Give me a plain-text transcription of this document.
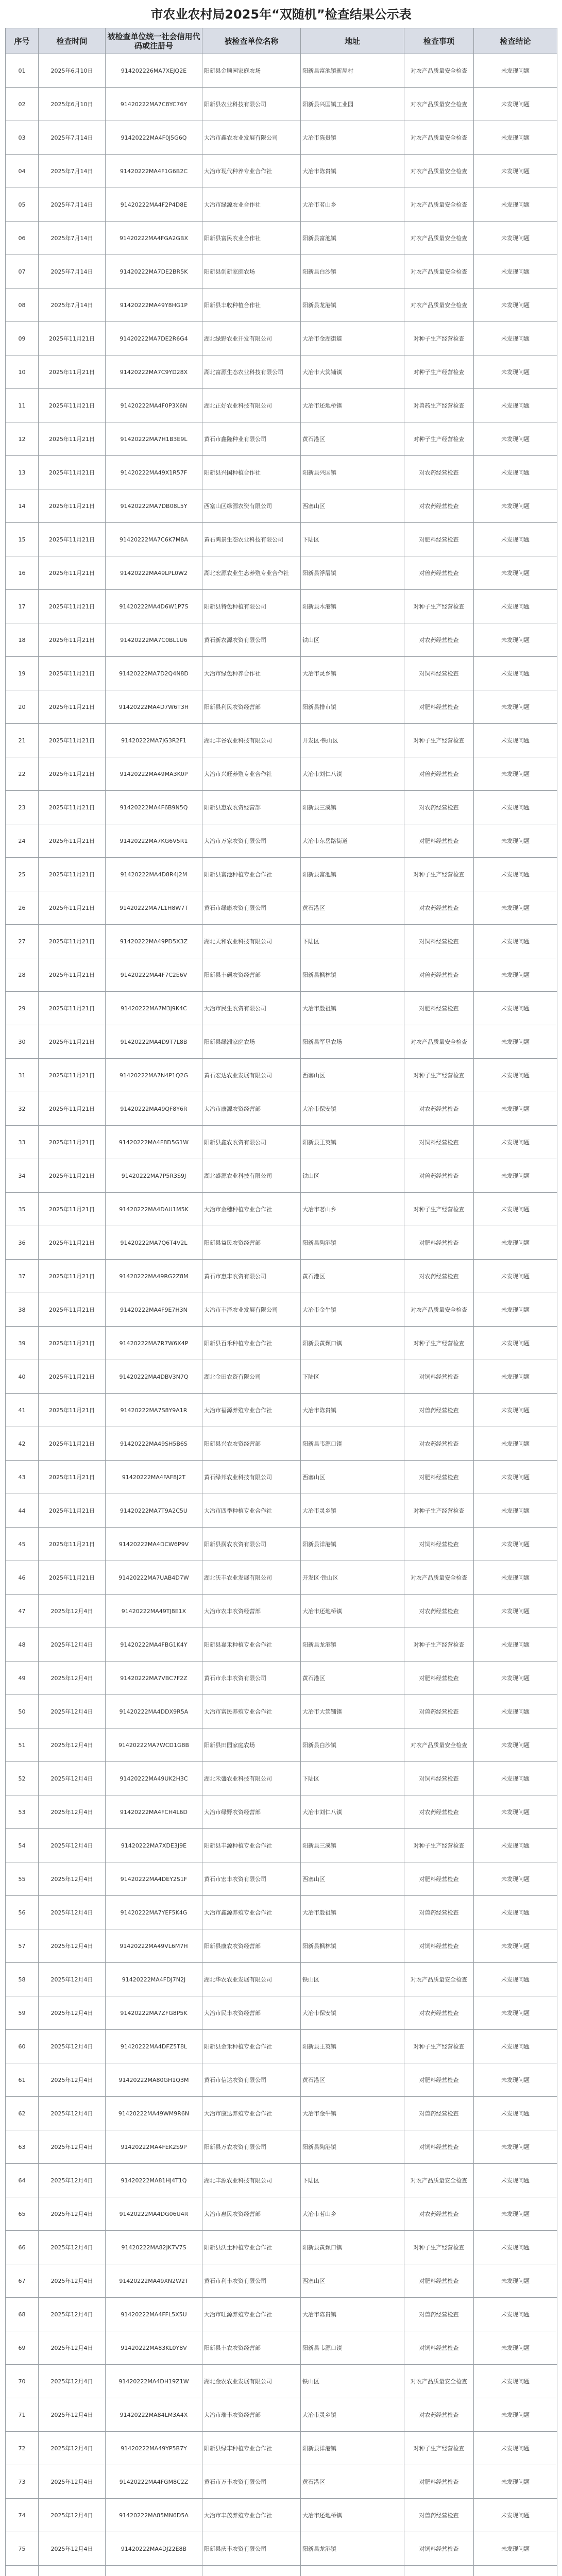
市农业农村局2025年“双随机”检查结果公示表
序号	检查时间	被检查单位统一社会信用代码或注册号	被检查单位名称	地址	检查事项	检查结论
01	2025年6月10日	914202226MA7XEJQ2E	阳新县金顺园家庭农场	阳新县富池镇新屋村	对农产品质量安全检查	未发现问题
02	2025年6月10日	91420222MA7C8YC76Y	阳新县农业科技有限公司	阳新县兴国镇工业园	对农产品质量安全检查	未发现问题
03	2025年7月14日	91420222MA4F0J5G6Q	大冶市鑫农农业发展有限公司	大冶市陈贵镇	对农产品质量安全检查	未发现问题
04	2025年7月14日	91420222MA4F1G6B2C	大冶市现代种养专业合作社	大冶市陈贵镇	对农产品质量安全检查	未发现问题
05	2025年7月14日	91420222MA4F2P4D8E	大冶市绿源农业合作社	大冶市茗山乡	对农产品质量安全检查	未发现问题
06	2025年7月14日	91420222MA4FGA2GBX	阳新县富民农业合作社	阳新县富池镇	对农产品质量安全检查	未发现问题
07	2025年7月14日	91420222MA7DE2BR5K	阳新县创新家庭农场	阳新县白沙镇	对农产品质量安全检查	未发现问题
08	2025年7月14日	91420222MA49Y8HG1P	阳新县丰收种植合作社	阳新县龙港镇	对农产品质量安全检查	未发现问题
09	2025年11月21日	91420222MA7DE2R6G4	湖北绿野农业开发有限公司	大冶市金湖街道	对种子生产经营检查	未发现问题
10	2025年11月21日	91420222MA7C9YD28X	湖北富源生态农业科技有限公司	大冶市大箕铺镇	对种子生产经营检查	未发现问题
11	2025年11月21日	91420222MA4F0P3X6N	湖北正好农业科技有限公司	大冶市还地桥镇	对兽药生产经营检查	未发现问题
12	2025年11月21日	91420222MA7H1B3E9L	黄石市鑫隆种业有限公司	黄石港区	对种子生产经营检查	未发现问题
13	2025年11月21日	91420222MA49X1R57F	阳新县兴国种植合作社	阳新县兴国镇	对农药经营检查	未发现问题
14	2025年11月21日	91420222MA7DB08L5Y	西塞山区绿源农资有限公司	西塞山区	对农药经营检查	未发现问题
15	2025年11月21日	91420222MA7C6K7M8A	黄石鸿景生态农业科技有限公司	下陆区	对肥料经营检查	未发现问题
16	2025年11月21日	91420222MA49LPL0W2	湖北宏源农业生态养殖专业合作社	阳新县浮屠镇	对兽药经营检查	未发现问题
17	2025年11月21日	91420222MA4D6W1P7S	阳新县特色种植有限公司	阳新县木港镇	对种子生产经营检查	未发现问题
18	2025年11月21日	91420222MA7C0BL1U6	黄石新农源农资有限公司	铁山区	对农药经营检查	未发现问题
19	2025年11月21日	91420222MA7D2Q4N8D	大冶市绿色种养合作社	大冶市灵乡镇	对饲料经营检查	未发现问题
20	2025年11月21日	91420222MA4D7W6T3H	阳新县利民农资经营部	阳新县排市镇	对肥料经营检查	未发现问题
21	2025年11月21日	91420222MA7JG3R2F1	湖北丰谷农业科技有限公司	开发区·铁山区	对种子生产经营检查	未发现问题
22	2025年11月21日	91420222MA49MA3K0P	大冶市兴旺养殖专业合作社	大冶市刘仁八镇	对兽药经营检查	未发现问题
23	2025年11月21日	91420222MA4F6B9N5Q	阳新县惠农农资经营部	阳新县三溪镇	对农药经营检查	未发现问题
24	2025年11月21日	91420222MA7KG6V5R1	大冶市万家农资有限公司	大冶市东岳路街道	对肥料经营检查	未发现问题
25	2025年11月21日	91420222MA4D8R4J2M	阳新县富池种植专业合作社	阳新县富池镇	对种子生产经营检查	未发现问题
26	2025年11月21日	91420222MA7L1H8W7T	黄石市绿康农资有限公司	黄石港区	对农药经营检查	未发现问题
27	2025年11月21日	91420222MA49PD5X3Z	湖北天和农业科技有限公司	下陆区	对饲料经营检查	未发现问题
28	2025年11月21日	91420222MA4F7C2E6V	阳新县丰硕农资经营部	阳新县枫林镇	对兽药经营检查	未发现问题
29	2025年11月21日	91420222MA7M3J9K4C	大冶市民生农资有限公司	大冶市殷祖镇	对肥料经营检查	未发现问题
30	2025年11月21日	91420222MA4D9T7L8B	阳新县绿洲家庭农场	阳新县军垦农场	对农产品质量安全检查	未发现问题
31	2025年11月21日	91420222MA7N4P1Q2G	黄石宏达农业发展有限公司	西塞山区	对种子生产经营检查	未发现问题
32	2025年11月21日	91420222MA49QF8Y6R	大冶市康源农资经营部	大冶市保安镇	对农药经营检查	未发现问题
33	2025年11月21日	91420222MA4F8D5G1W	阳新县鑫农农资有限公司	阳新县王英镇	对饲料经营检查	未发现问题
34	2025年11月21日	91420222MA7P5R3S9J	湖北盛源农业科技有限公司	铁山区	对兽药经营检查	未发现问题
35	2025年11月21日	91420222MA4DAU1M5K	大冶市金穗种植专业合作社	大冶市茗山乡	对种子生产经营检查	未发现问题
36	2025年11月21日	91420222MA7Q6T4V2L	阳新县益民农资经营部	阳新县陶港镇	对肥料经营检查	未发现问题
37	2025年11月21日	91420222MA49RG2Z8M	黄石市惠丰农资有限公司	黄石港区	对农药经营检查	未发现问题
38	2025年11月21日	91420222MA4F9E7H3N	大冶市丰泽农业发展有限公司	大冶市金牛镇	对农产品质量安全检查	未发现问题
39	2025年11月21日	91420222MA7R7W6X4P	阳新县百禾种植专业合作社	阳新县黄颡口镇	对种子生产经营检查	未发现问题
40	2025年11月21日	91420222MA4DBV3N7Q	湖北金田农资有限公司	下陆区	对饲料经营检查	未发现问题
41	2025年11月21日	91420222MA7S8Y9A1R	大冶市福源养殖专业合作社	大冶市陈贵镇	对兽药经营检查	未发现问题
42	2025年11月21日	91420222MA49SH5B6S	阳新县兴农农资经营部	阳新县韦源口镇	对农药经营检查	未发现问题
43	2025年11月21日	91420222MA4FAF8J2T	黄石绿邦农业科技有限公司	西塞山区	对肥料经营检查	未发现问题
44	2025年11月21日	91420222MA7T9A2C5U	大冶市四季种植专业合作社	大冶市灵乡镇	对种子生产经营检查	未发现问题
45	2025年11月21日	91420222MA4DCW6P9V	阳新县润农农资有限公司	阳新县洋港镇	对饲料经营检查	未发现问题
46	2025年11月21日	91420222MA7UAB4D7W	湖北沃丰农业发展有限公司	开发区·铁山区	对农产品质量安全检查	未发现问题
47	2025年12月4日	91420222MA49TJ8E1X	大冶市农丰农资经营部	大冶市还地桥镇	对农药经营检查	未发现问题
48	2025年12月4日	91420222MA4FBG1K4Y	阳新县嘉禾种植专业合作社	阳新县龙港镇	对种子生产经营检查	未发现问题
49	2025年12月4日	91420222MA7VBC7F2Z	黄石市永丰农资有限公司	黄石港区	对肥料经营检查	未发现问题
50	2025年12月4日	91420222MA4DDX9R5A	大冶市富民养殖专业合作社	大冶市大箕铺镇	对兽药经营检查	未发现问题
51	2025年12月4日	91420222MA7WCD1G8B	阳新县田园家庭农场	阳新县白沙镇	对农产品质量安全检查	未发现问题
52	2025年12月4日	91420222MA49UK2H3C	湖北禾盛农业科技有限公司	下陆区	对饲料经营检查	未发现问题
53	2025年12月4日	91420222MA4FCH4L6D	大冶市绿野农资经营部	大冶市刘仁八镇	对农药经营检查	未发现问题
54	2025年12月4日	91420222MA7XDE3J9E	阳新县丰源种植专业合作社	阳新县三溪镇	对种子生产经营检查	未发现问题
55	2025年12月4日	91420222MA4DEY2S1F	黄石市宏丰农资有限公司	西塞山区	对肥料经营检查	未发现问题
56	2025年12月4日	91420222MA7YEF5K4G	大冶市鑫源养殖专业合作社	大冶市殷祖镇	对兽药经营检查	未发现问题
57	2025年12月4日	91420222MA49VL6M7H	阳新县康农农资经营部	阳新县枫林镇	对饲料经营检查	未发现问题
58	2025年12月4日	91420222MA4FDJ7N2J	湖北华农农业发展有限公司	铁山区	对农产品质量安全检查	未发现问题
59	2025年12月4日	91420222MA7ZFG8P5K	大冶市民丰农资经营部	大冶市保安镇	对农药经营检查	未发现问题
60	2025年12月4日	91420222MA4DFZ5T8L	阳新县金禾种植专业合作社	阳新县王英镇	对种子生产经营检查	未发现问题
61	2025年12月4日	91420222MA80GH1Q3M	黄石市信达农资有限公司	黄石港区	对肥料经营检查	未发现问题
62	2025年12月4日	91420222MA49WM9R6N	大冶市康达养殖专业合作社	大冶市金牛镇	对兽药经营检查	未发现问题
63	2025年12月4日	91420222MA4FEK2S9P	阳新县万农农资有限公司	阳新县陶港镇	对饲料经营检查	未发现问题
64	2025年12月4日	91420222MA81HJ4T1Q	湖北丰源农业科技有限公司	下陆区	对农产品质量安全检查	未发现问题
65	2025年12月4日	91420222MA4DG06U4R	大冶市惠民农资经营部	大冶市茗山乡	对农药经营检查	未发现问题
66	2025年12月4日	91420222MA82JK7V7S	阳新县沃土种植专业合作社	阳新县黄颡口镇	对种子生产经营检查	未发现问题
67	2025年12月4日	91420222MA49XN2W2T	黄石市利丰农资有限公司	西塞山区	对肥料经营检查	未发现问题
68	2025年12月4日	91420222MA4FFL5X5U	大冶市旺源养殖专业合作社	大冶市陈贵镇	对兽药经营检查	未发现问题
69	2025年12月4日	91420222MA83KL0Y8V	阳新县丰农农资经营部	阳新县韦源口镇	对饲料经营检查	未发现问题
70	2025年12月4日	91420222MA4DH19Z1W	湖北金农农业发展有限公司	铁山区	对农产品质量安全检查	未发现问题
71	2025年12月4日	91420222MA84LM3A4X	大冶市瑞丰农资经营部	大冶市灵乡镇	对农药经营检查	未发现问题
72	2025年12月4日	91420222MA49YP5B7Y	阳新县绿丰种植专业合作社	阳新县洋港镇	对种子生产经营检查	未发现问题
73	2025年12月4日	91420222MA4FGM8C2Z	黄石市万丰农资有限公司	黄石港区	对肥料经营检查	未发现问题
74	2025年12月4日	91420222MA85MN6D5A	大冶市丰茂养殖专业合作社	大冶市还地桥镇	对兽药经营检查	未发现问题
75	2025年12月4日	91420222MA4DJ22E8B	阳新县庆丰农资有限公司	阳新县龙港镇	对饲料经营检查	未发现问题
